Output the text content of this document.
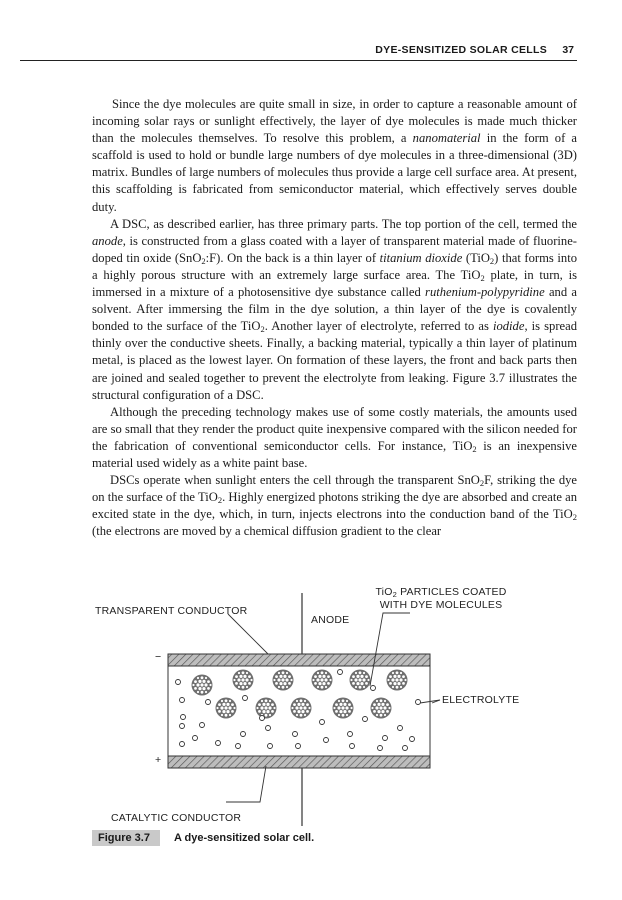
DYE-SENSITIZED SOLAR CELLS 37

Since the dye molecules are quite small in size, in order to capture a reasonable amount of incoming solar rays or sunlight effectively, the layer of dye molecules is made much thicker than the molecules themselves. To resolve this problem, a nanomaterial in the form of a scaffold is used to hold or bundle large numbers of dye molecules in a three-dimensional (3D) matrix. Bundles of large numbers of molecules thus provide a large cell surface area. At present, this scaffolding is fabricated from semiconductor material, which effectively serves double duty.

A DSC, as described earlier, has three primary parts. The top portion of the cell, termed the anode, is constructed from a glass coated with a layer of transparent material made of fluorine-doped tin oxide (SnO$_2$:F). On the back is a thin layer of titanium dioxide (TiO$_2$) that forms into a highly porous structure with an extremely large surface area. The TiO$_2$ plate, in turn, is immersed in a mixture of a photosensitive dye substance called ruthenium-polypyridine and a solvent. After immersing the film in the dye solution, a thin layer of the dye is covalently bonded to the surface of the TiO$_2$. Another layer of electrolyte, referred to as iodide, is spread thinly over the conductive sheets. Finally, a backing material, typically a thin layer of platinum metal, is placed as the lowest layer. On formation of these layers, the front and back parts then are joined and sealed together to prevent the electrolyte from leaking. Figure 3.7 illustrates the structural configuration of a DSC.

Although the preceding technology makes use of some costly materials, the amounts used are so small that they render the product quite inexpensive compared with the silicon needed for the fabrication of conventional semiconductor cells. For instance, TiO$_2$ is an inexpensive material used widely as a white paint base.

DSCs operate when sunlight enters the cell through the transparent SnO$_2$F, striking the dye on the surface of the TiO$_2$. Highly energized photons striking the dye are absorbed and create an excited state in the dye, which, in turn, injects electrons into the conduction band of the TiO$_2$ (the electrons are moved by a chemical diffusion gradient to the clear

TiO$_2$ PARTICLES COATED WITH DYE MOLECULES
TRANSPARENT CONDUCTOR
ANODE
ELECTROLYTE
CATALYTIC CONDUCTOR
−
+
Figure 3.7 A dye-sensitized solar cell.
